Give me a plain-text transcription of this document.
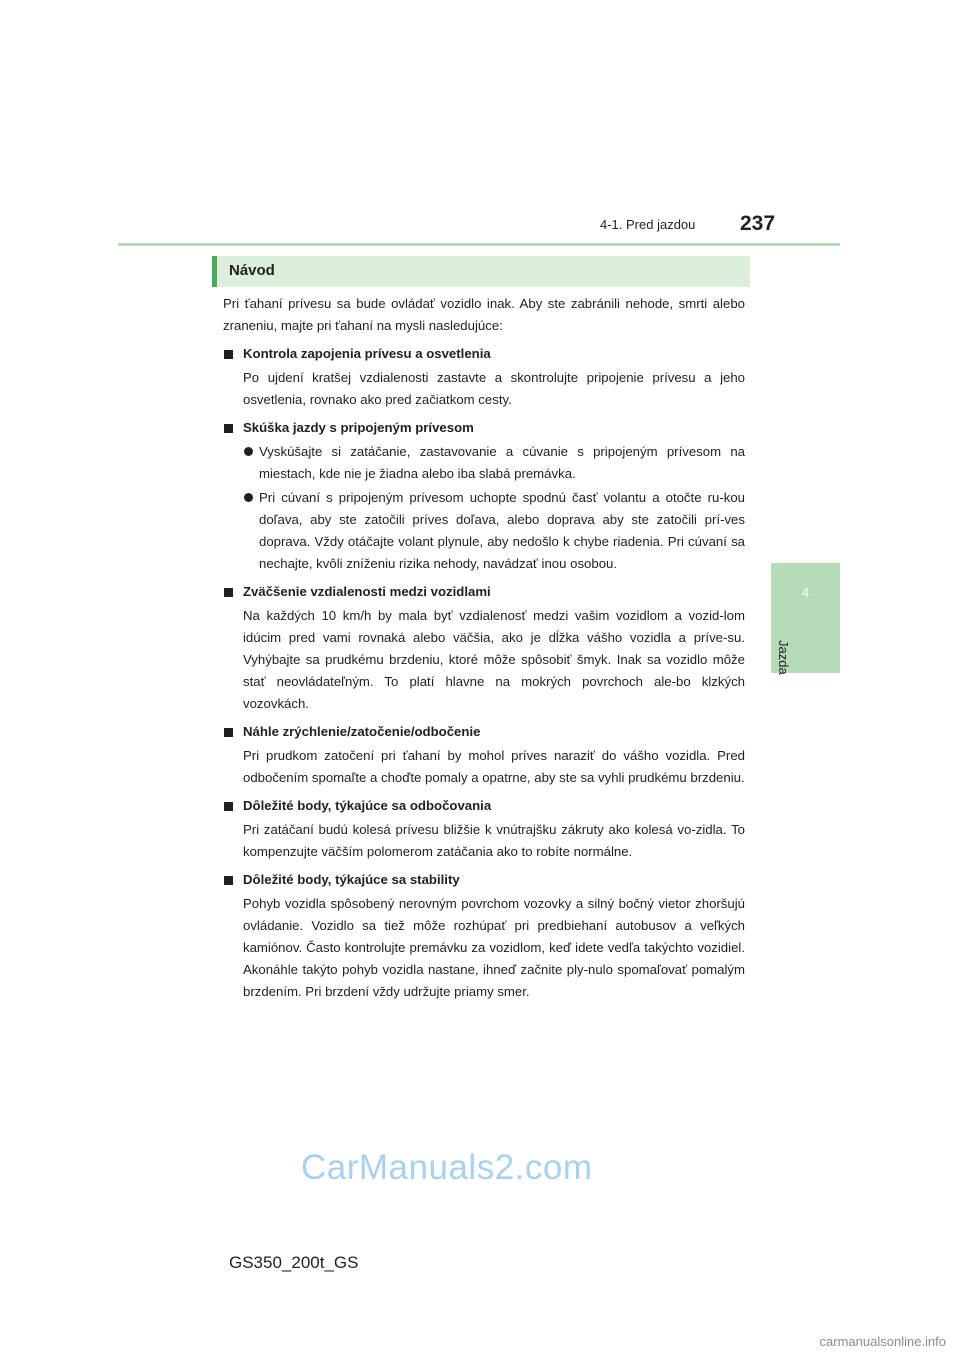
4-1. Pred jazdou 237
4
Jazda
Návod

Pri ťahaní prívesu sa bude ovládať vozidlo inak. Aby ste zabránili nehode, smrti alebo zraneniu, majte pri ťahaní na mysli nasledujúce:

Kontrola zapojenia prívesu a osvetlenia

Po ujdení kratšej vzdialenosti zastavte a skontrolujte pripojenie prívesu a jeho osvetlenia, rovnako ako pred začiatkom cesty.

Skúška jazdy s pripojeným prívesom

Vyskúšajte si zatáčanie, zastavovanie a cúvanie s pripojeným prívesom na miestach, kde nie je žiadna alebo iba slabá premávka.

Pri cúvaní s pripojeným prívesom uchopte spodnú časť volantu a otočte ru-kou doľava, aby ste zatočili príves doľava, alebo doprava aby ste zatočili prí-ves doprava. Vždy otáčajte volant plynule, aby nedošlo k chybe riadenia. Pri cúvaní sa nechajte, kvôli zníženiu rizika nehody, navádzať inou osobou.

Zväčšenie vzdialenosti medzi vozidlami

Na každých 10 km/h by mala byť vzdialenosť medzi vašim vozidlom a vozid-lom idúcim pred vami rovnaká alebo väčšia, ako je dĺžka vášho vozidla a príve-su. Vyhýbajte sa prudkému brzdeniu, ktoré môže spôsobiť šmyk. Inak sa vozidlo môže stať neovládateľným. To platí hlavne na mokrých povrchoch ale-bo klzkých vozovkách.

Náhle zrýchlenie/zatočenie/odbočenie

Pri prudkom zatočení pri ťahaní by mohol príves naraziť do vášho vozidla. Pred odbočením spomaľte a choďte pomaly a opatrne, aby ste sa vyhli prudkému brzdeniu.

Dôležité body, týkajúce sa odbočovania

Pri zatáčaní budú kolesá prívesu bližšie k vnútrajšku zákruty ako kolesá vo-zidla. To kompenzujte väčším polomerom zatáčania ako to robíte normálne.

Dôležité body, týkajúce sa stability

Pohyb vozidla spôsobený nerovným povrchom vozovky a silný bočný vietor zhoršujú ovládanie. Vozidlo sa tiež môže rozhúpať pri predbiehaní autobusov a veľkých kamiónov. Často kontrolujte premávku za vozidlom, keď idete vedľa takýchto vozidiel. Akonáhle takýto pohyb vozidla nastane, ihneď začnite ply-nulo spomaľovať pomalým brzdením. Pri brzdení vždy udržujte priamy smer.

CarManuals2.com
GS350_200t_GS
carmanualsonline.info
